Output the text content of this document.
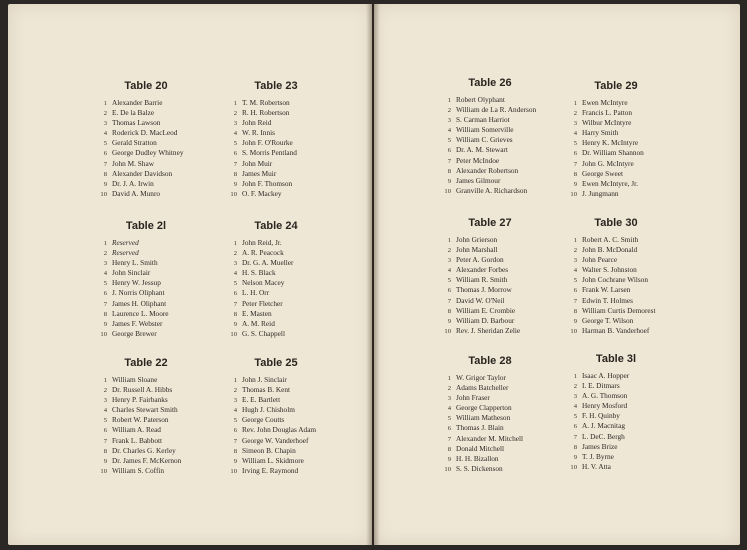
Table 20
1 Alexander Barrie
2 E. De la Balze
3 Thomas Lawson
4 Roderick D. MacLeod
5 Gerald Stratton
6 George Dudley Whitney
7 John M. Shaw
8 Alexander Davidson
9 Dr. J. A. Irwin
10 David A. Munro
Table 23
1 T. M. Robertson
2 R. H. Robertson
3 John Reid
4 W. R. Innis
5 John F. O'Rourke
6 S. Morris Pentland
7 John Muir
8 James Muir
9 John F. Thomson
10 O. F. Mackey
Table 2l
1 Reserved
2 Reserved
3 Henry L. Smith
4 John Sinclair
5 Henry W. Jessup
6 J. Norris Oliphant
7 James H. Oliphant
8 Laurence L. Moore
9 James F. Webster
10 George Brewer
Table 24
1 John Reid, Jr.
2 A. R. Peacock
3 Dr. G. A. Mueller
4 H. S. Black
5 Nelson Macey
6 L. H. Orr
7 Peter Fletcher
8 E. Masten
9 A. M. Reid
10 G. S. Chappell
Table 22
1 William Sloane
2 Dr. Russell A. Hibbs
3 Henry P. Fairbanks
4 Charles Stewart Smith
5 Robert W. Paterson
6 William A. Read
7 Frank L. Babbott
8 Dr. Charles G. Kerley
9 Dr. James F. McKernon
10 William S. Coffin
Table 25
1 John J. Sinclair
2 Thomas B. Kent
3 E. E. Bartlett
4 Hugh J. Chisholm
5 George Coutts
6 Rev. John Douglas Adam
7 George W. Vanderhoef
8 Simeon B. Chapin
9 William L. Skidmore
10 Irving E. Raymond
Table 26
1 Robert Olyphant
2 William de La R. Anderson
3 S. Carman Harriot
4 William Somerville
5 William C. Grieves
6 Dr. A. M. Stewart
7 Peter McIndoe
8 Alexander Robertson
9 James Gilmour
10 Granville A. Richardson
Table 29
1 Ewen McIntyre
2 Francis L. Patton
3 Wilbur McIntyre
4 Harry Smith
5 Henry K. McIntyre
6 Dr. William Shannon
7 John G. McIntyre
8 George Sweet
9 Ewen McIntyre, Jr.
10 J. Jungmann
Table 27
1 John Grierson
2 John Marshall
3 Peter A. Gordon
4 Alexander Forbes
5 William R. Smith
6 Thomas J. Morrow
7 David W. O'Neil
8 William E. Crombie
9 William D. Barbour
10 Rev. J. Sheridan Zelie
Table 30
1 Robert A. C. Smith
2 John B. McDonald
3 John Pearce
4 Walter S. Johnston
5 John Cochrane Wilson
6 Frank W. Larsen
7 Edwin T. Holmes
8 William Curtis Demorest
9 George T. Wilson
10 Harman B. Vanderhoef
Table 28
1 W. Grigor Taylor
2 Adams Batcheller
3 John Fraser
4 George Clapperton
5 William Matheson
6 Thomas J. Blain
7 Alexander M. Mitchell
8 Donald Mitchell
9 H. H. Bizallon
10 S. S. Dickenson
Table 3l
1 Isaac A. Hopper
2 I. E. Ditmars
3 A. G. Thomson
4 Henry Mosford
5 F. H. Quinby
6 A. J. Macnitag
7 L. DeC. Bergh
8 James Brize
9 T. J. Byrne
10 H. V. Atta
